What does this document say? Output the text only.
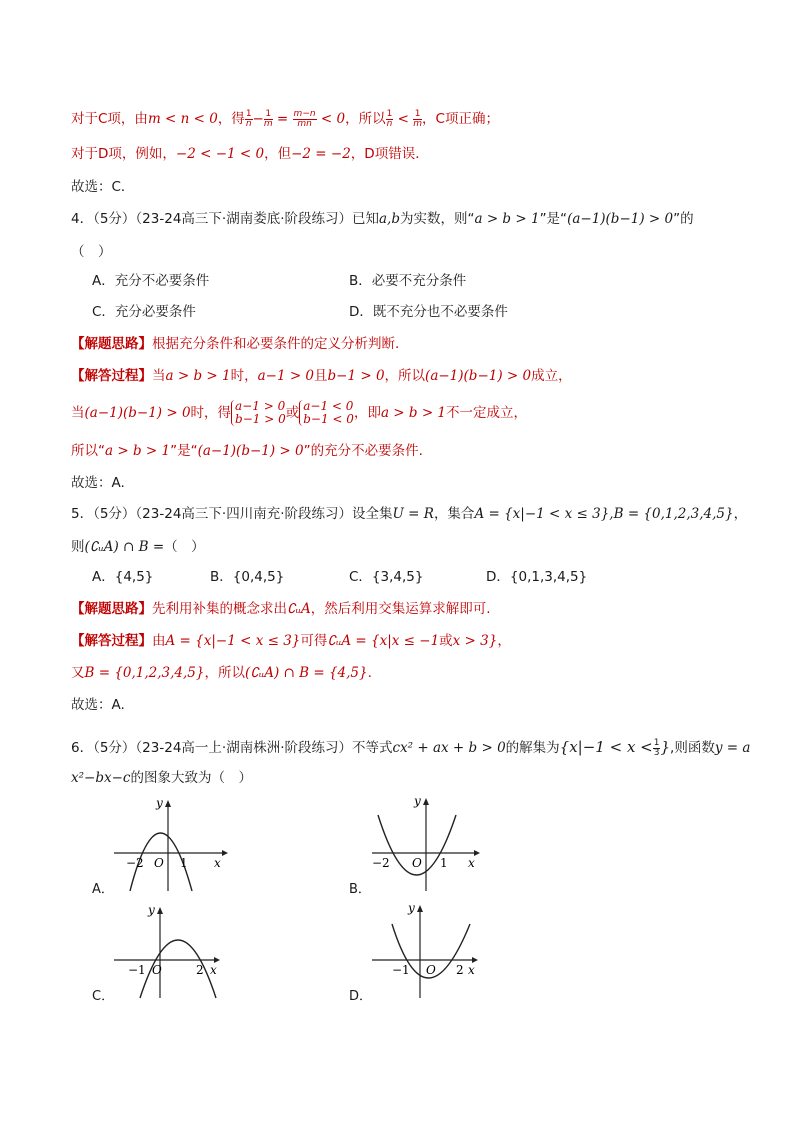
对于C项，由m < n < 0，得 $\frac{1}{n} - \frac{1}{m} = \frac{m-n}{mn} < 0$，所以 $\frac{1}{n} < \frac{1}{m}$ ，C项正确；
对于D项，例如，−2 < −1 < 0，但−2 = −2，D项错误．
故选：C．
4．（5分）（23-24高三下·湖南娄底·阶段练习）已知a,b为实数，则“a > b > 1”是“(a−1)(b−1) > 0”的
（　）
A．充分不必要条件	B．必要不充分条件
C．充分必要条件	D．既不充分也不必要条件
【解题思路】根据充分条件和必要条件的定义分析判断.
【解答过程】当a > b > 1时，a−1 > 0且b−1 > 0，所以(a−1)(b−1) > 0成立，
当(a−1)(b−1) > 0时，得 a−1 > 0
b−1 > 0 或 a−1 < 0
b−1 < 0 ，即a > b > 1不一定成立，
所以“a > b > 1”是“(a−1)(b−1) > 0”的充分不必要条件.
故选：A.
5．（5分）（23-24高三下·四川南充·阶段练习）设全集U = R，集合A = {x|−1 < x ≤ 3},B = {0,1,2,3,4,5}，
则(∁ᵤA) ∩ B =（　）
A．{4,5}	B．{0,4,5}	C．{3,4,5}	D．{0,1,3,4,5}
【解题思路】先利用补集的概念求出∁ᵤA，然后利用交集运算求解即可.
【解答过程】由A = {x|−1 < x ≤ 3}可得∁ᵤA = {x|x ≤ −1或x > 3}，
又B = {0,1,2,3,4,5}，所以(∁ᵤA) ∩ B = {4,5}.
故选：A.
6．（5分）（23-24高一上·湖南株洲·阶段练习）不等式cx² + ax + b > 0的解集为{$x|-1 < x < \frac{1}{3}$ },则函数y = a
x²−bx−c的图象大致为（　）
−2	1
O	x
y
A．
−2	1
O	x
y
B．
−1	2
O	x
y
C．
−1	2
O	x
y
D．
